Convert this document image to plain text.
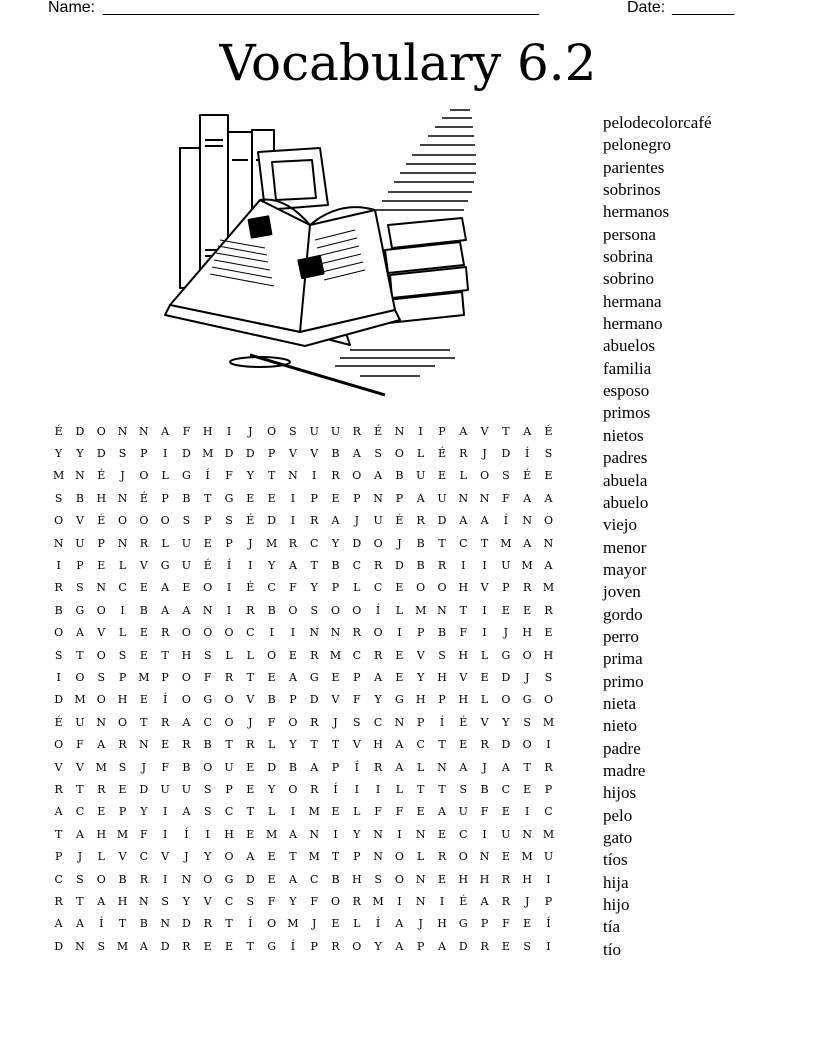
Name: _________________________________________________	Date: _______
Vocabulary 6.2
pelodecolorcafé
pelonegro
parientes
sobrinos
hermanos
persona
sobrina
sobrino
hermana
hermano
abuelos
familia
esposo
primos
nietos
padres
abuela
abuelo
viejo
menor
mayor
joven
gordo
perro
prima
primo
nieta
nieto
padre
madre
hijos
pelo
gato
tíos
hija
hijo
tía
tío
É	D	O	N	N	A	F	H	I	J	O	S	U	U	R	É	N	I	P	A	V	T	A	É
Y	Y	D	S	P	I	D	M	D	D	P	V	V	B	A	S	O	L	É	R	J	D	Í	S
M N	É	J	O	L	G	Í	F	Y	T	N	I	R	O	A	B	U	E	L	O	S	É	E
S	B	H	N	É	P	B	T	G	E	E	I	P	E	P	N	P	A	U	N	N	F	A	A
O	V	É	O	O	O	S	P	S	É	D	I	R	A	J	U	É	R	D	A	A	Í	N	O
N	U	P	N	R	L	U	E	P	J	M	R	C	Y	D	O	J	B	T	C	T	M	A	N
I	P	E	L	V	G	U	É	Í	I	Y	A	T	B	C	R	D	B	R	I	I	U	M	A
R	S	N	C	E	A	E	O	I	É	C	F	Y	P	L	C	E	O	O	H	V	P	R	M
B	G	O	I	B	A	A	N	I	R	B	O	S	O	O	Í	L	M N	T	I	E	E	R
O	A	V	L	E	R	O	O	O	C	I	I	N	N	R	O	I	P	B	F	I	J	H	E
S	T	O	S	E	T	H	S	L	L	O	E	R	M	C	R	E	V	S	H	L	G	O	H
I	O	S	P	M	P	O	F	R	T	E	A	G	E	P	A	E	Y	H	V	E	D	J	S
D	M	O	H	E	Í	O	G	O	V	B	P	D	V	F	Y	G	H	P	H	L	O	G	O
É	U	N	O	T	R	A	C	O	J	F	O	R	J	S	C	N	P	Í	É	V	Y	S	M
O	F	A	R	N	E	R	B	T	R	L	Y	T	T	V	H	A	C	T	E	R	D	O	I
V	V	M	S	J	F	B	O	U	E	D	B	A	P	Í	R	A	L	N	A	J	A	T	R
R	T	R	E	D	U	U	S	P	E	Y	O	R	Í	I	I	L	T	T	S	B	C	E	P
A	C	E	P	Y	I	A	S	C	T	L	I	M	E	L	F	F	E	A	U	F	E	I	C
T	A	H M	F	I	Í	I	H	E	M	A	N	I	Y	N	I	N	E	C	I	U	N M
P	J	L	V	C	V	J	Y	O	A	E	T	M	T	P	N	O	L	R	O	N	E	M	U
C	S	O	B	R	I	N	O	G	D	E	A	C	B	H	S	O	N	E	H	H	R	H	I
R	T	A	H	N	S	Y	V	C	S	F	Y	F	O	R	M	I	N	I	É	A	R	J	P
A	A	Í	T	B	N	D	R	T	Í	O	M	J	E	L	Í	A	J	H	G	P	F	E	Í
D	N	S	M	A	D	R	E	E	T	G	Í	P	R	O	Y	A	P	A	D	R	E	S	I
